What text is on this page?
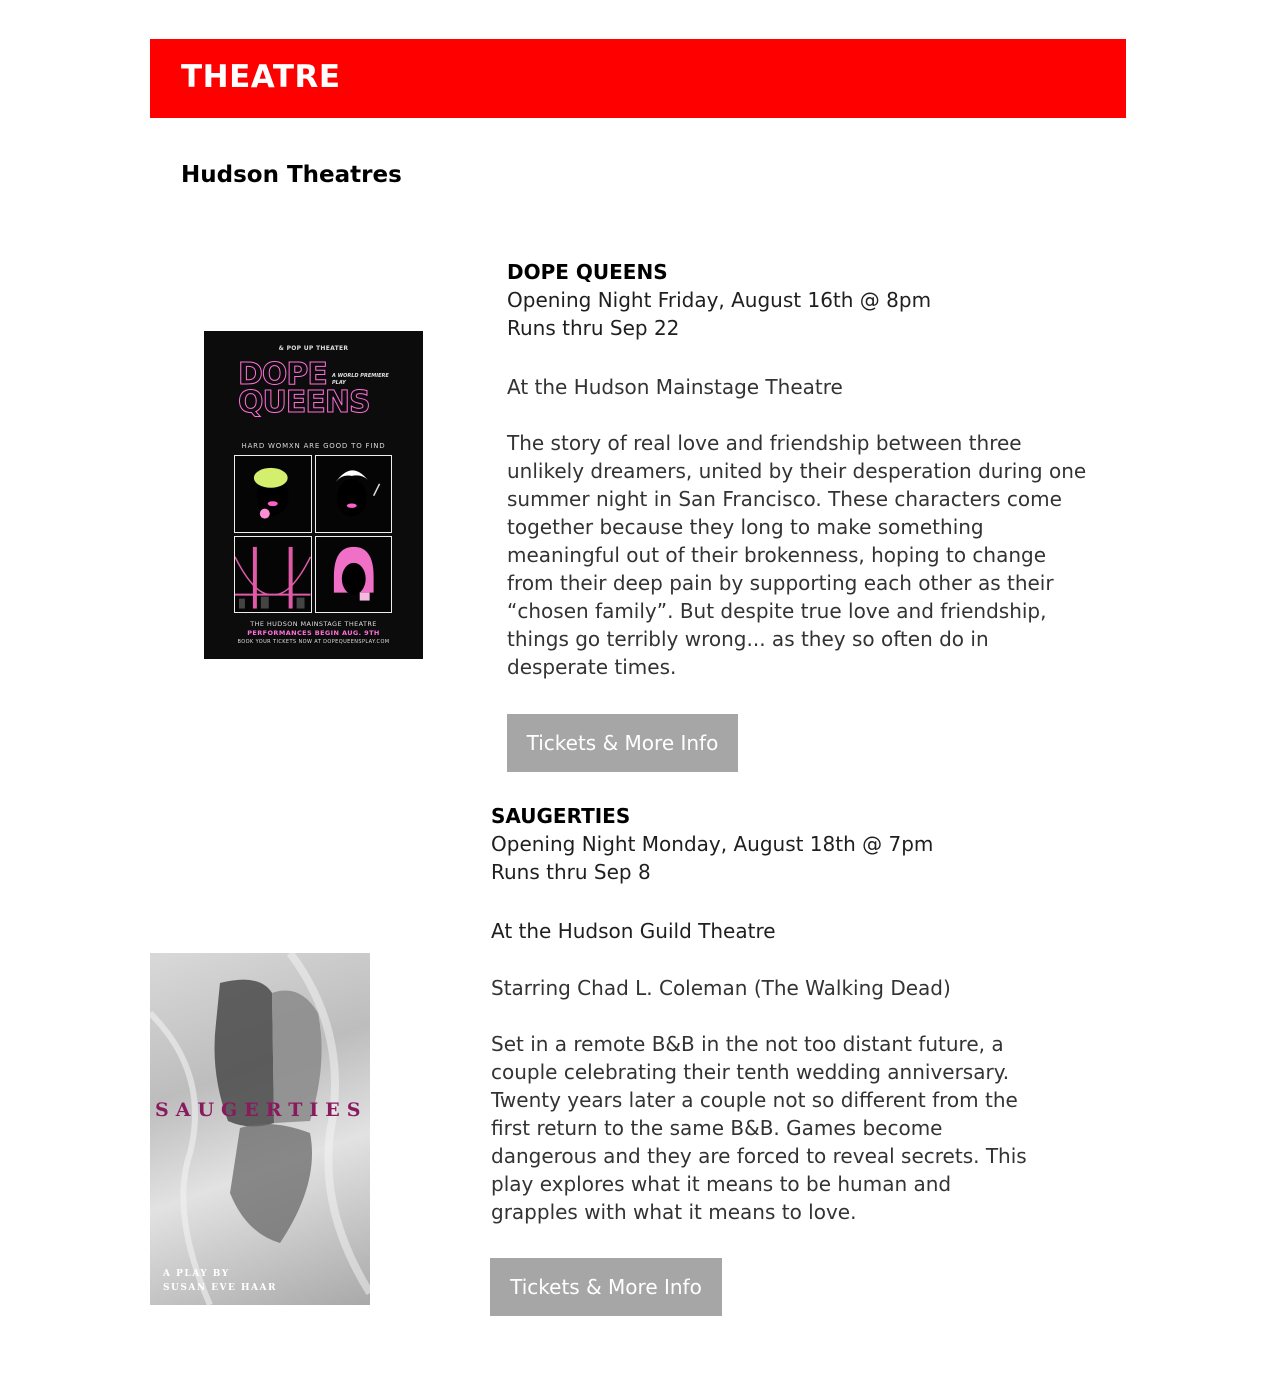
THEATRE
Hudson Theatres
& POP UP THEATER
DOPE
QUEENS
A WORLD PREMIERE
PLAY
HARD WOMXN ARE GOOD TO FIND
THE HUDSON MAINSTAGE THEATRE
PERFORMANCES BEGIN AUG. 9TH
BOOK YOUR TICKETS NOW AT DOPEQUEENSPLAY.COM

DOPE QUEENS

Opening Night Friday, August 16th @ 8pm

Runs thru Sep 22

At the Hudson Mainstage Theatre

The story of real love and friendship between three unlikely dreamers, united by their desperation during one summer night in San Francisco. These characters come together because they long to make something meaningful out of their brokenness, hoping to change from their deep pain by supporting each other as their “chosen family”. But despite true love and friendship, things go terribly wrong... as they so often do in desperate times.

Tickets & More Info
SAUGERTIES
A PLAY BY
SUSAN EVE HAAR

SAUGERTIES

Opening Night Monday, August 18th @ 7pm

Runs thru Sep 8

At the Hudson Guild Theatre

Starring Chad L. Coleman (The Walking Dead)

Set in a remote B&B in the not too distant future, a couple celebrating their tenth wedding anniversary. Twenty years later a couple not so different from the first return to the same B&B. Games become dangerous and they are forced to reveal secrets. This play explores what it means to be human and grapples with what it means to love.

Tickets & More Info
